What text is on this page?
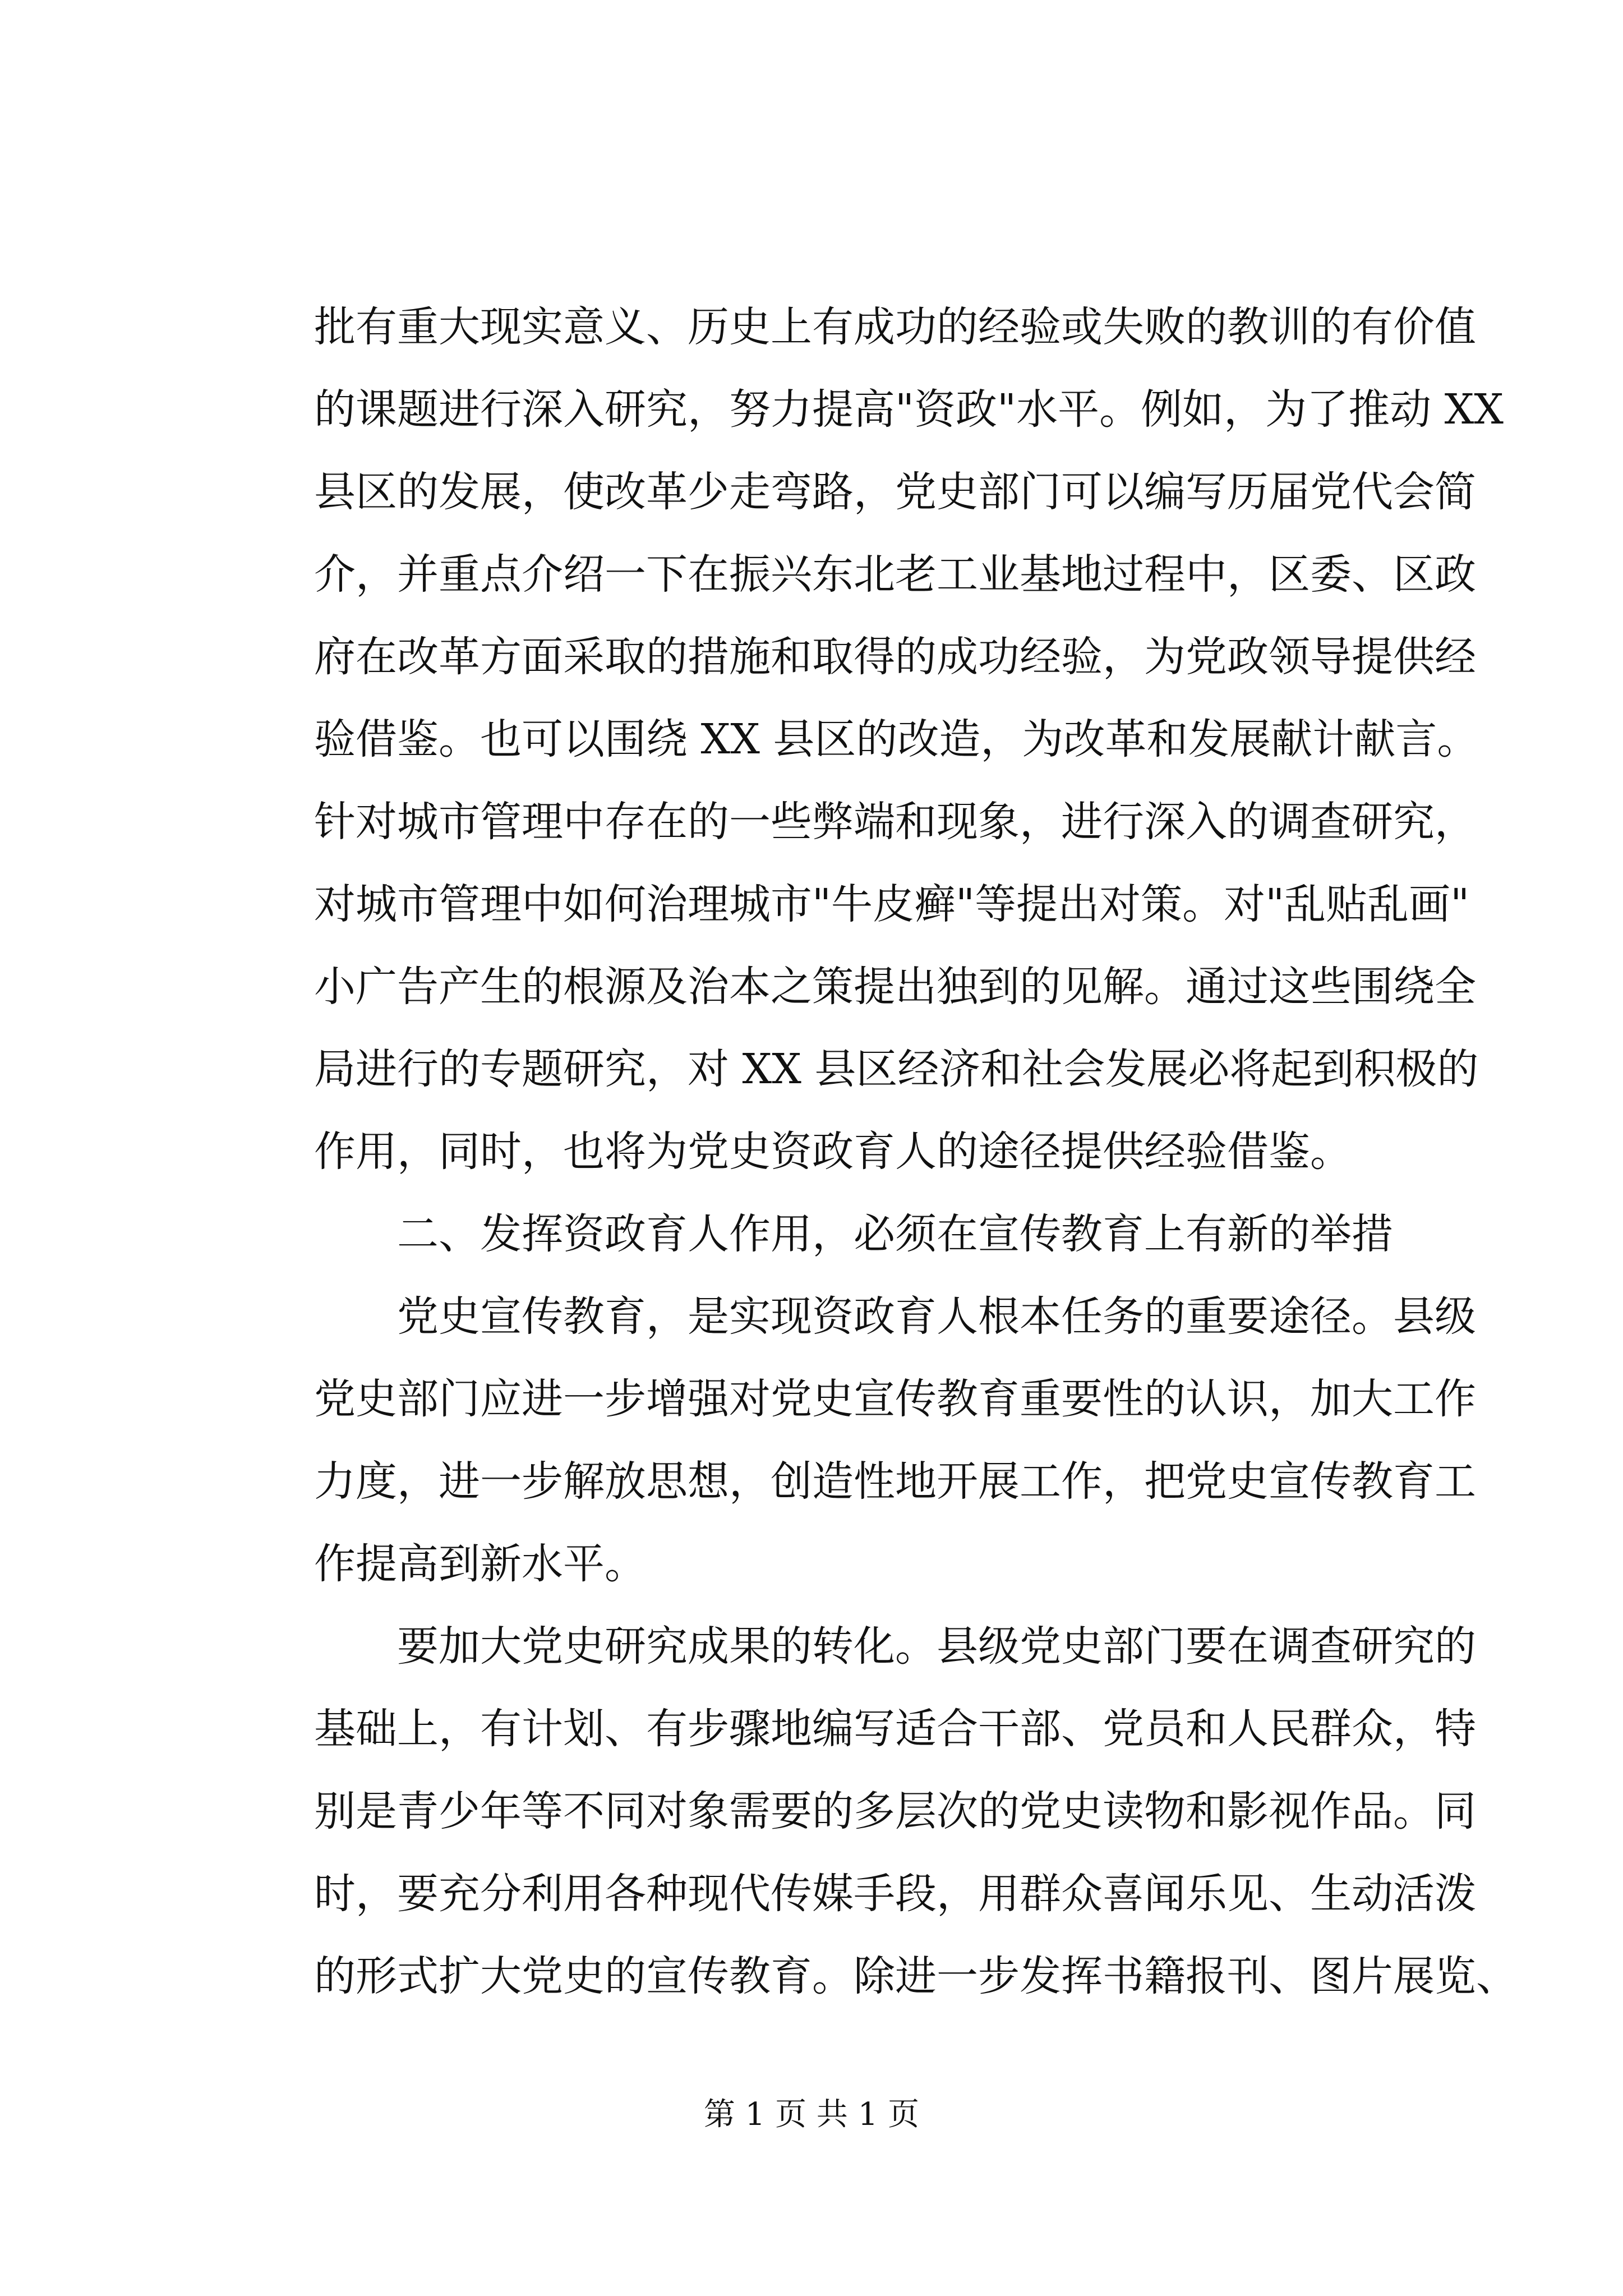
批有重大现实意义、历史上有成功的经验或失败的教训的有价值
的课题进行深入研究，努力提高"资政"水平。例如，为了推动 XX
县区的发展，使改革少走弯路，党史部门可以编写历届党代会简
介，并重点介绍一下在振兴东北老工业基地过程中，区委、区政
府在改革方面采取的措施和取得的成功经验，为党政领导提供经
验借鉴。也可以围绕 XX 县区的改造，为改革和发展献计献言。
针对城市管理中存在的一些弊端和现象，进行深入的调查研究，
对城市管理中如何治理城市"牛皮癣"等提出对策。对"乱贴乱画"
小广告产生的根源及治本之策提出独到的见解。通过这些围绕全
局进行的专题研究，对 XX 县区经济和社会发展必将起到积极的
作用，同时，也将为党史资政育人的途径提供经验借鉴。
二、发挥资政育人作用，必须在宣传教育上有新的举措
党史宣传教育，是实现资政育人根本任务的重要途径。县级
党史部门应进一步增强对党史宣传教育重要性的认识，加大工作
力度，进一步解放思想，创造性地开展工作，把党史宣传教育工
作提高到新水平。
要加大党史研究成果的转化。县级党史部门要在调查研究的
基础上，有计划、有步骤地编写适合干部、党员和人民群众，特
别是青少年等不同对象需要的多层次的党史读物和影视作品。同
时，要充分利用各种现代传媒手段，用群众喜闻乐见、生动活泼
的形式扩大党史的宣传教育。除进一步发挥书籍报刊、图片展览、
第 1 页 共 1 页
